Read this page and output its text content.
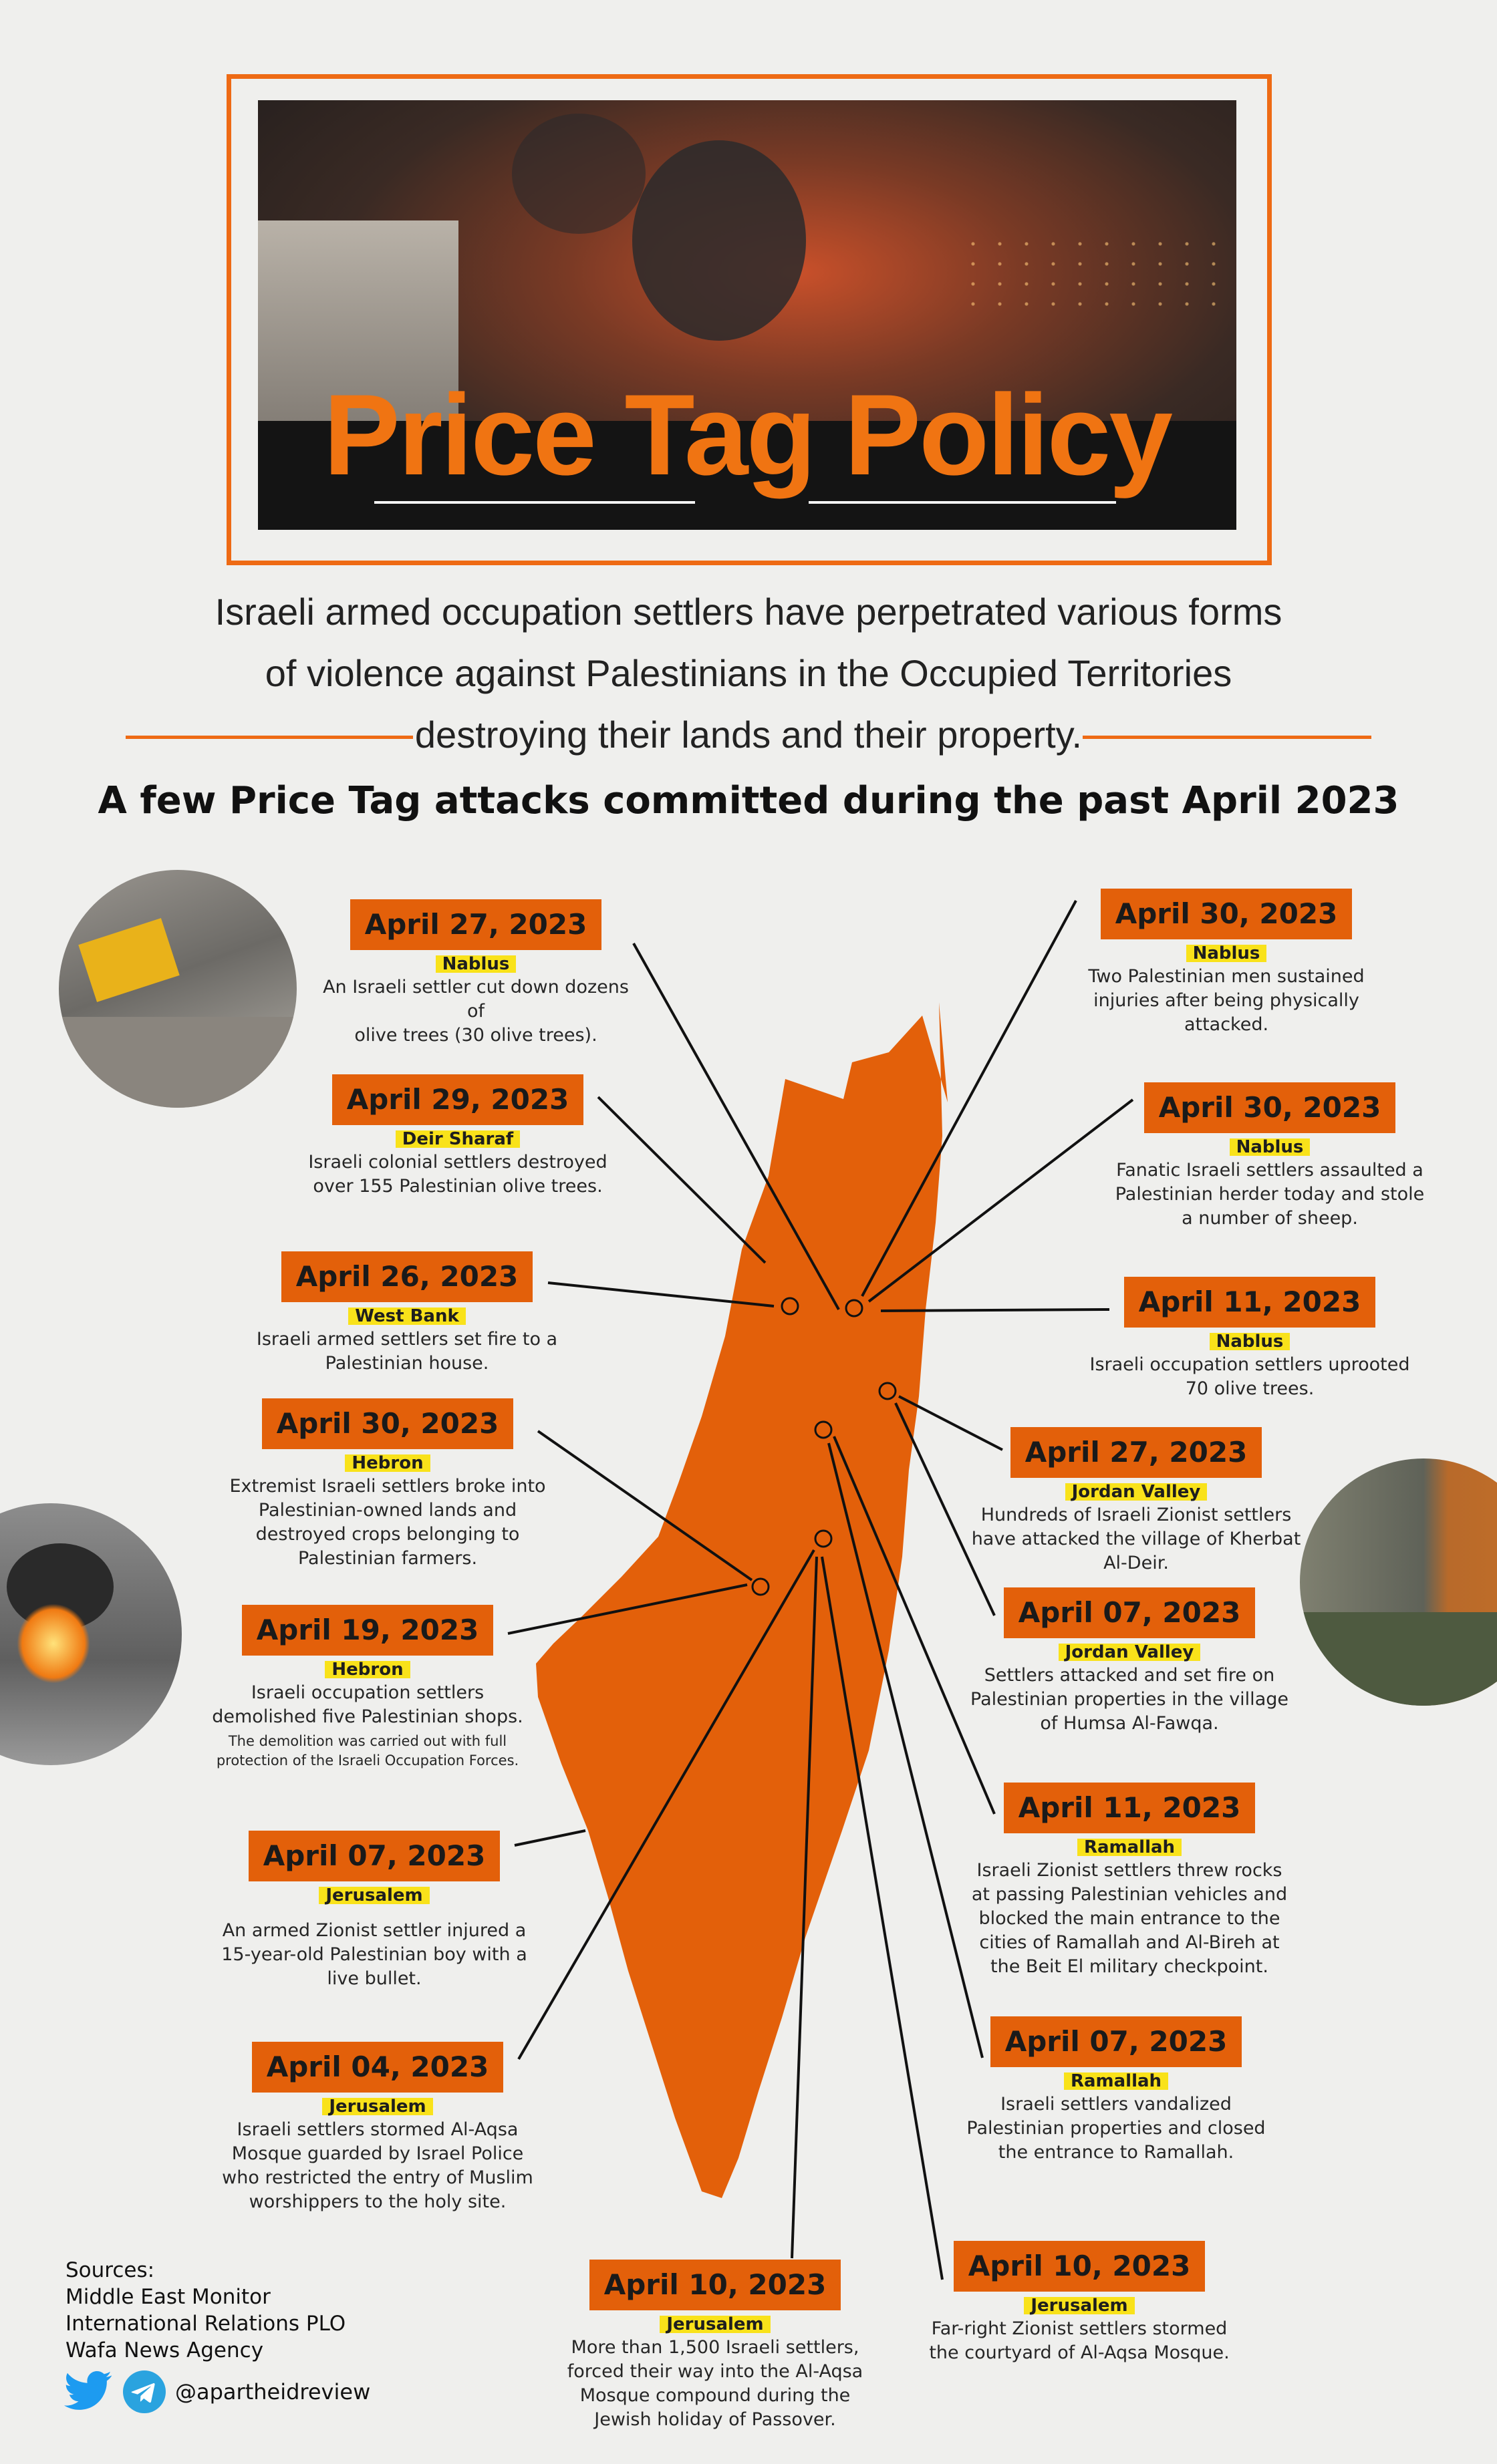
Price Tag Policy
Israeli armed occupation settlers have perpetrated various forms
of violence against Palestinians in the Occupied Territories
destroying their lands and their property.
A few Price Tag attacks committed during the past April 2023
April 27, 2023
Nablus
An Israeli settler cut down dozens of
olive trees (30 olive trees).
April 29, 2023
Deir Sharaf
Israeli colonial settlers destroyed
over 155 Palestinian olive trees.
April 26, 2023
West Bank
Israeli armed settlers set fire to a
Palestinian house.
April 30, 2023
Hebron
Extremist Israeli settlers broke into
Palestinian-owned lands and
destroyed crops belonging to
Palestinian farmers.
April 19, 2023
Hebron
Israeli occupation settlers
demolished five Palestinian shops.
The demolition was carried out with full
protection of the Israeli Occupation Forces.
April 07, 2023
Jerusalem
An armed Zionist settler injured a
15-year-old Palestinian boy with a
live bullet.
April 04, 2023
Jerusalem
Israeli settlers stormed Al-Aqsa
Mosque guarded by Israel Police
who restricted the entry of Muslim
worshippers to the holy site.
April 10, 2023
Jerusalem
More than 1,500 Israeli settlers,
forced their way into the Al-Aqsa
Mosque compound during the
Jewish holiday of Passover.
April 30, 2023
Nablus
Two Palestinian men sustained
injuries after being physically
attacked.
April 30, 2023
Nablus
Fanatic Israeli settlers assaulted a
Palestinian herder today and stole
a number of sheep.
April 11, 2023
Nablus
Israeli occupation settlers uprooted
70 olive trees.
April 27, 2023
Jordan Valley
Hundreds of Israeli Zionist settlers
have attacked the village of Kherbat
Al-Deir.
April 07, 2023
Jordan Valley
Settlers attacked and set fire on
Palestinian properties in the village
of Humsa Al-Fawqa.
April 11, 2023
Ramallah
Israeli Zionist settlers threw rocks
at passing Palestinian vehicles and
blocked the main entrance to the
cities of Ramallah and Al-Bireh at
the Beit El military checkpoint.
April 07, 2023
Ramallah
Israeli settlers vandalized
Palestinian properties and closed
the entrance to Ramallah.
April 10, 2023
Jerusalem
Far-right Zionist settlers stormed
the courtyard of Al-Aqsa Mosque.
Sources:
Middle East Monitor
International Relations PLO
Wafa News Agency
@apartheidreview
